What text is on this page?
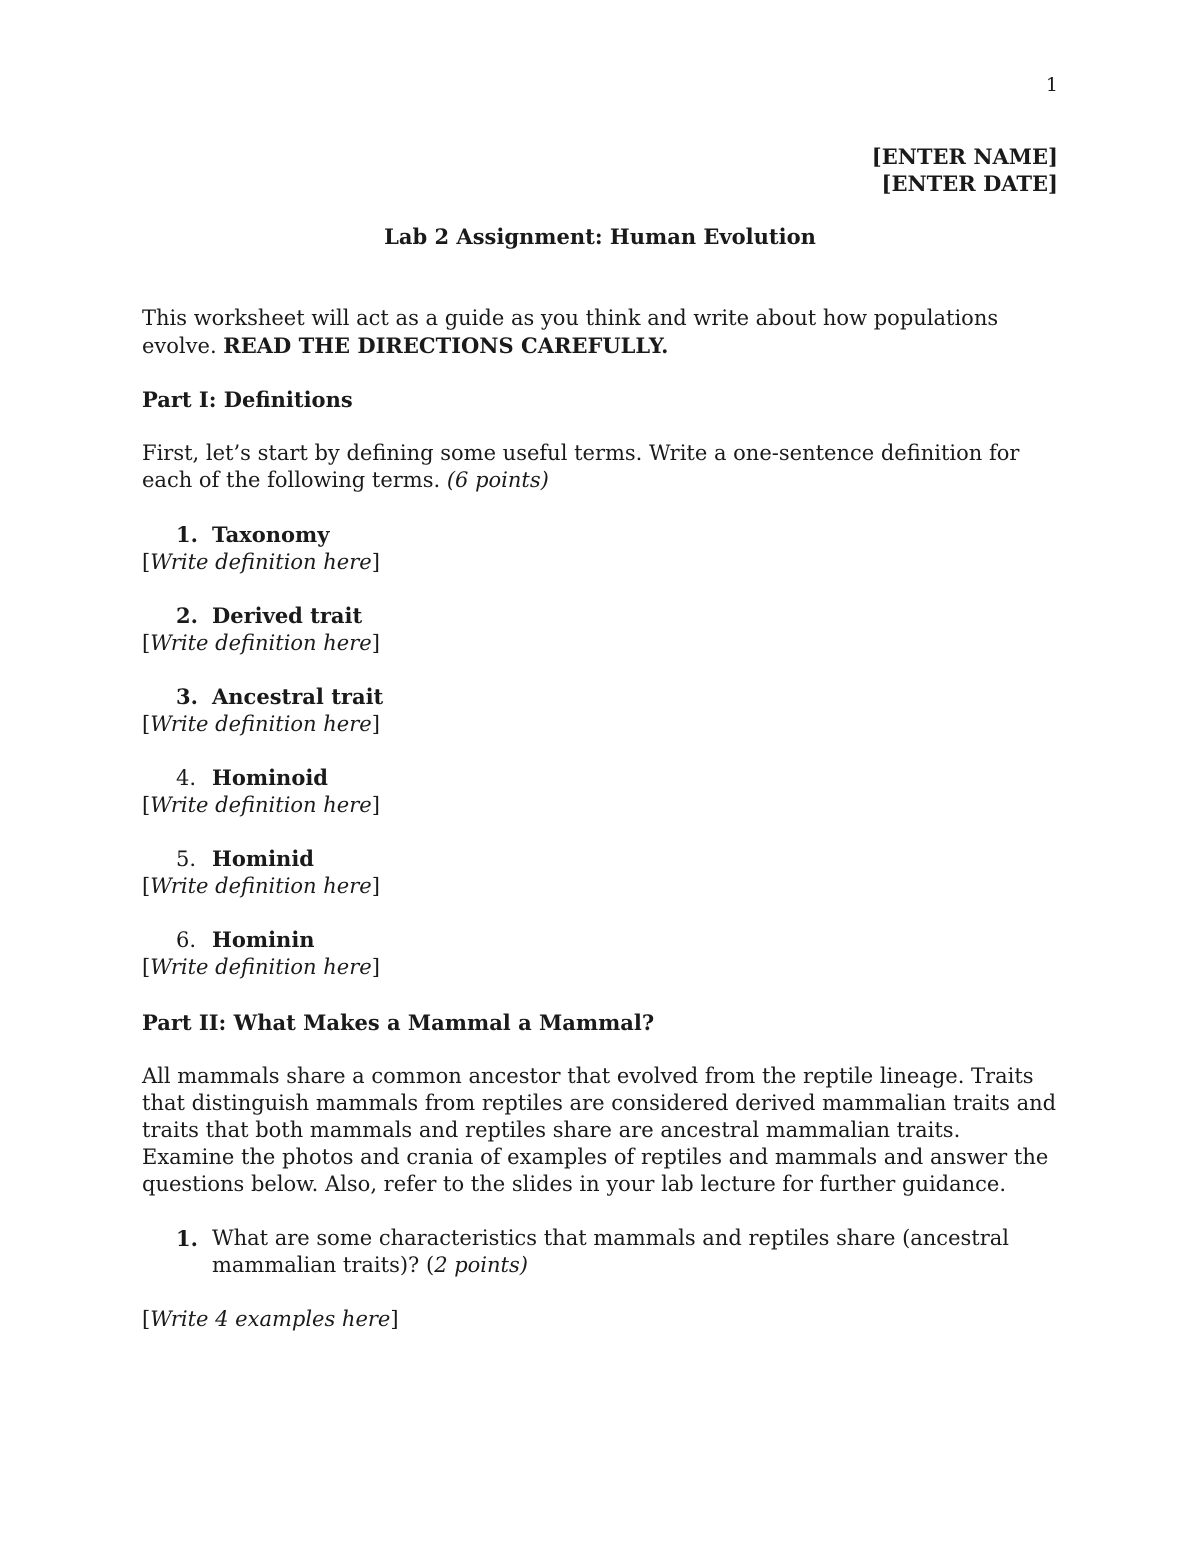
1
[ENTER NAME]
[ENTER DATE]
Lab 2 Assignment: Human Evolution
This worksheet will act as a guide as you think and write about how populations evolve. READ THE DIRECTIONS CAREFULLY.
Part I: Definitions
First, let’s start by defining some useful terms. Write a one-sentence definition for each of the following terms. (6 points)
1. Taxonomy
[Write definition here]
2. Derived trait
[Write definition here]
3. Ancestral trait
[Write definition here]
4. Hominoid
[Write definition here]
5. Hominid
[Write definition here]
6. Hominin
[Write definition here]
Part II: What Makes a Mammal a Mammal?
All mammals share a common ancestor that evolved from the reptile lineage. Traits that distinguish mammals from reptiles are considered derived mammalian traits and traits that both mammals and reptiles share are ancestral mammalian traits. Examine the photos and crania of examples of reptiles and mammals and answer the questions below. Also, refer to the slides in your lab lecture for further guidance.
1. What are some characteristics that mammals and reptiles share (ancestral mammalian traits)? (2 points)
[Write 4 examples here]
